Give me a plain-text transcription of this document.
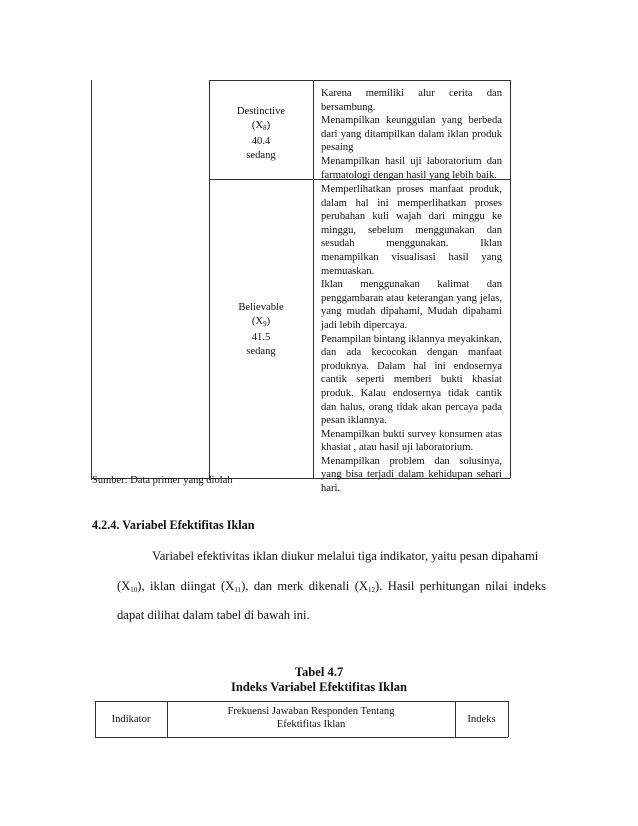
Destinctive
$(X_8)$
40.4
sedang

Karena memiliki alur cerita dan bersambung.

Menampilkan keunggulan yang berbeda dari yang ditampilkan dalam iklan produk pesaing

Menampilkan hasil uji laboratorium dan farmatologi dengan hasil yang lebih baik.

Believable
$(X_9)$
41.5
sedang

Memperlihatkan proses manfaat produk, dalam hal ini memperlihatkan proses perubahan kuli wajah dari minggu ke minggu, sebelum menggunakan dan sesudah menggunakan. Iklan menampilkan visualisasi hasil yang memuaskan.

Iklan menggunakan kalimat dan penggambaran atau keterangan yang jelas, yang mudah dipahami, Mudah dipahami jadi lebih dipercaya.

Penampilan bintang iklannya meyakinkan, dan ada kecocokan dengan manfaat produknya. Dalam hal ini endosernya cantik seperti memberi bukti khasiat produk. Kalau endosernya tidak cantik dan halus, orang tidak akan percaya pada pesan iklannya.

Menampilkan bukti survey konsumen atas khasiat , atau hasil uji laboratorium.

Menampilkan problem dan solusinya, yang bisa terjadi dalam kehidupan sehari hari.

Sumber: Data primer yang diolah
4.2.4. Variabel Efektifitas Iklan
Variabel efektivitas iklan diukur melalui tiga indikator, yaitu pesan dipahami
$(X_{10})$, iklan diingat $(X_{11})$, dan merk dikenali $(X_{12})$. Hasil perhitungan nilai indeks
dapat dilihat dalam tabel di bawah ini.
Tabel 4.7
Indeks Variabel Efektifitas Iklan
Indikator
Frekuensi Jawaban Responden Tentang
Efektifitas Iklan	Indeks
